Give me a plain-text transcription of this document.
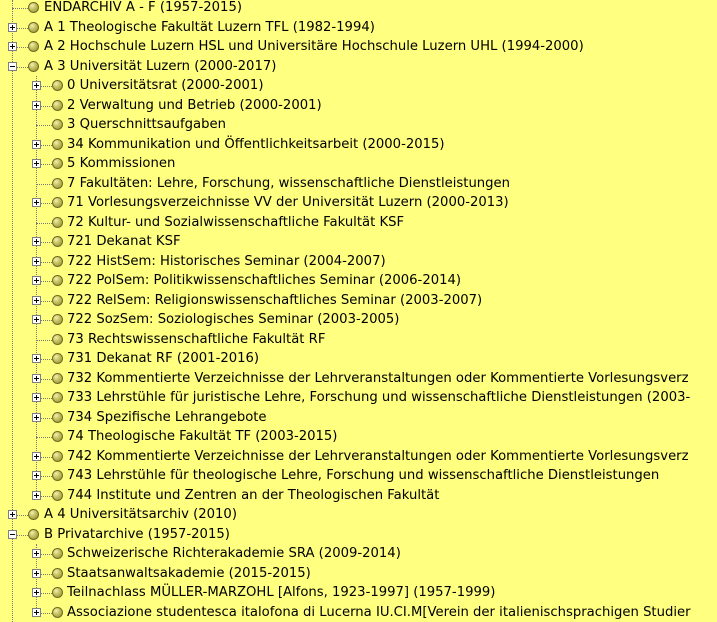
ENDARCHIV A - F (1957-2015)
A 1 Theologische Fakultät Luzern TFL (1982-1994)
A 2 Hochschule Luzern HSL und Universitäre Hochschule Luzern UHL (1994-2000)
A 3 Universität Luzern (2000-2017)
0 Universitätsrat (2000-2001)
2 Verwaltung und Betrieb (2000-2001)
3 Querschnittsaufgaben
34 Kommunikation und Öffentlichkeitsarbeit (2000-2015)
5 Kommissionen
7 Fakultäten: Lehre, Forschung, wissenschaftliche Dienstleistungen
71 Vorlesungsverzeichnisse VV der Universität Luzern (2000-2013)
72 Kultur- und Sozialwissenschaftliche Fakultät KSF
721 Dekanat KSF
722 HistSem: Historisches Seminar (2004-2007)
722 PolSem: Politikwissenschaftliches Seminar (2006-2014)
722 RelSem: Religionswissenschaftliches Seminar (2003-2007)
722 SozSem: Soziologisches Seminar (2003-2005)
73 Rechtswissenschaftliche Fakultät RF
731 Dekanat RF (2001-2016)
732 Kommentierte Verzeichnisse der Lehrveranstaltungen oder Kommentierte Vorlesungsverz
733 Lehrstühle für juristische Lehre, Forschung und wissenschaftliche Dienstleistungen (2003-
734 Spezifische Lehrangebote
74 Theologische Fakultät TF (2003-2015)
742 Kommentierte Verzeichnisse der Lehrveranstaltungen oder Kommentierte Vorlesungsverz
743 Lehrstühle für theologische Lehre, Forschung und wissenschaftliche Dienstleistungen
744 Institute und Zentren an der Theologischen Fakultät
A 4 Universitätsarchiv (2010)
B Privatarchive (1957-2015)
Schweizerische Richterakademie SRA (2009-2014)
Staatsanwaltsakademie (2015-2015)
Teilnachlass MÜLLER-MARZOHL [Alfons, 1923-1997] (1957-1999)
Associazione studentesca italofona di Lucerna IU.CI.M[Verein der italienischsprachigen Studier
